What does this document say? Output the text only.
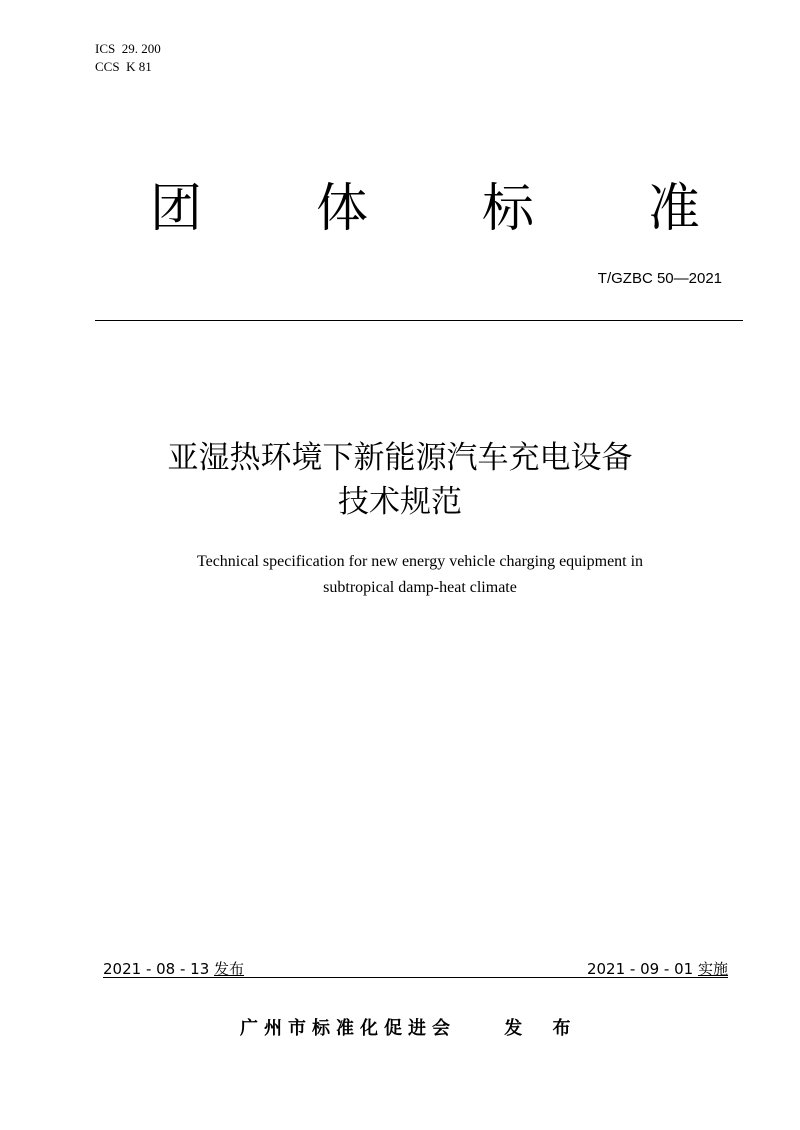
ICS  29. 200
CCS  K 81
团 体 标 准
T/GZBC 50—2021
亚湿热环境下新能源汽车充电设备
技术规范
Technical specification for new energy vehicle charging equipment in
subtropical damp-heat climate
2021 - 08 - 13 发布	2021 - 09 - 01 实施
广州市标准化促进会	发 布
